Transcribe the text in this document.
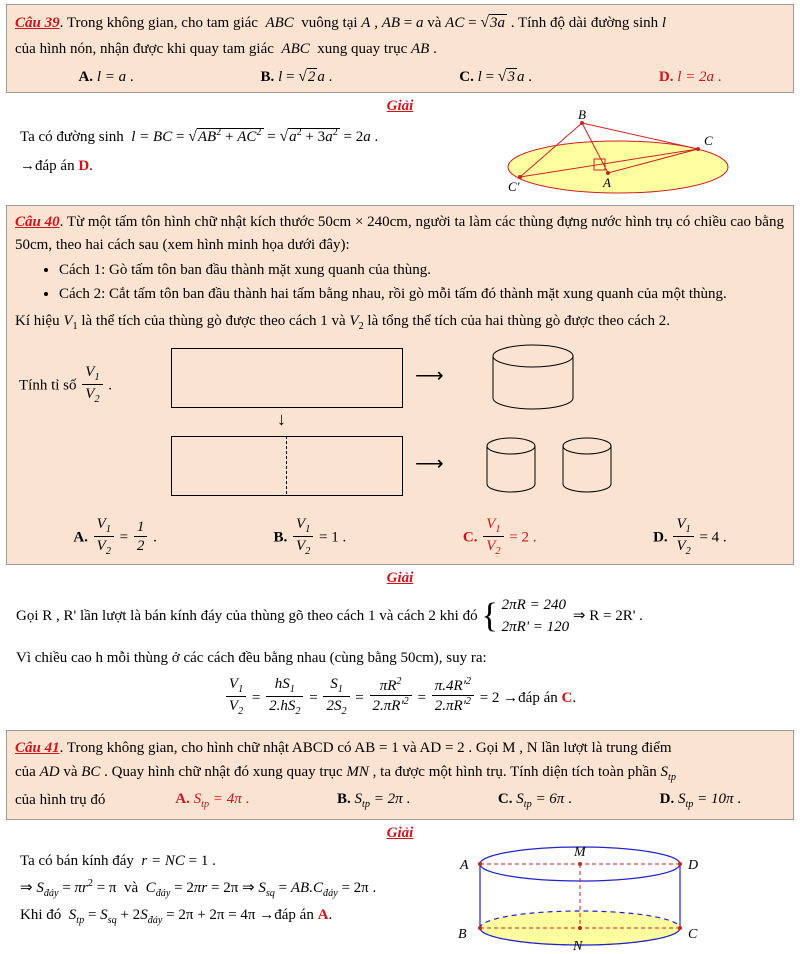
Câu 39. Trong không gian, cho tam giác  ABC  vuông tại A , AB = a và AC = √3a . Tính độ dài đường sinh l
của hình nón, nhận được khi quay tam giác  ABC  xung quay trục AB .
A. l = a .	B. l = √2 a .	C. l = √3 a .	D. l = 2a .
Giải
Ta có đường sinh l = BC = $√AB^2 + AC^2 = √a^2 + 3a^2 = 2a$ .
→đáp án D.
B
C
A
C'
Câu 40. Từ một tấm tôn hình chữ nhật kích thước 50cm × 240cm, người ta làm các thùng đựng nước hình trụ có chiều cao bằng 50cm, theo hai cách sau (xem hình minh họa dưới đây):
• Cách 1: Gò tấm tôn ban đầu thành mặt xung quanh của thùng.
• Cách 2: Cắt tấm tôn ban đầu thành hai tấm bằng nhau, rồi gò mỗi tấm đó thành mặt xung quanh của một thùng.
Kí hiệu $V_1$ là thể tích của thùng gò được theo cách 1 và $V_2$ là tổng thể tích của hai thùng gò được theo cách 2.
Tính tỉ số $\frac{V_1}{V_2}$ .	⟶
↓
⟶
A. $\frac{V_1}{V_2} = \frac{1}{2}$ .	B. $\frac{V_1}{V_2} = 1$ .	C. $\frac{V_1}{V_2} = 2$ .	D. $\frac{V_1}{V_2} = 4$ .
Giải
Gọi R , R' lần lượt là bán kính đáy của thùng gõ theo cách 1 và cách 2 khi đó { 2πR = 240
2πR' = 120
⇒ R = 2R' .
Vì chiều cao h mỗi thùng ở các cách đều bằng nhau (cùng bằng 50cm), suy ra:
$\frac{V_1}{V_2} = \frac{hS_1}{2.hS_2} = \frac{S_1}{2S_2} = \frac{\pi R^2}{2.\pi R'^2} = \frac{\pi.4R'^2}{2.\pi R'^2} = 2$ →đáp án C.
Câu 41. Trong không gian, cho hình chữ nhật ABCD có AB = 1 và AD = 2 . Gọi M , N lần lượt là trung điểm
của AD và BC . Quay hình chữ nhật đó xung quay trục MN , ta được một hình trụ. Tính diện tích toàn phần $S_{tp}$
của hình trụ đó	A. $S_{tp} = 4\pi$ .	B. $S_{tp} = 2\pi$ .	C. $S_{tp} = 6\pi$ .	D. $S_{tp} = 10\pi$ .
Giải
Ta có bán kính đáy  r = NC = 1 .
⇒ $S_{đáy} = \pi r^2 = \pi$  và  $C_{đáy} = 2\pi r = 2\pi$ ⇒ $S_{sq} = AB.C_{đáy} = 2\pi$ .
Khi đó  $S_{tp} = S_{sq} + 2S_{đáy} = 2\pi + 2\pi = 4\pi$ →đáp án A.
A	D
M
B	C
N
